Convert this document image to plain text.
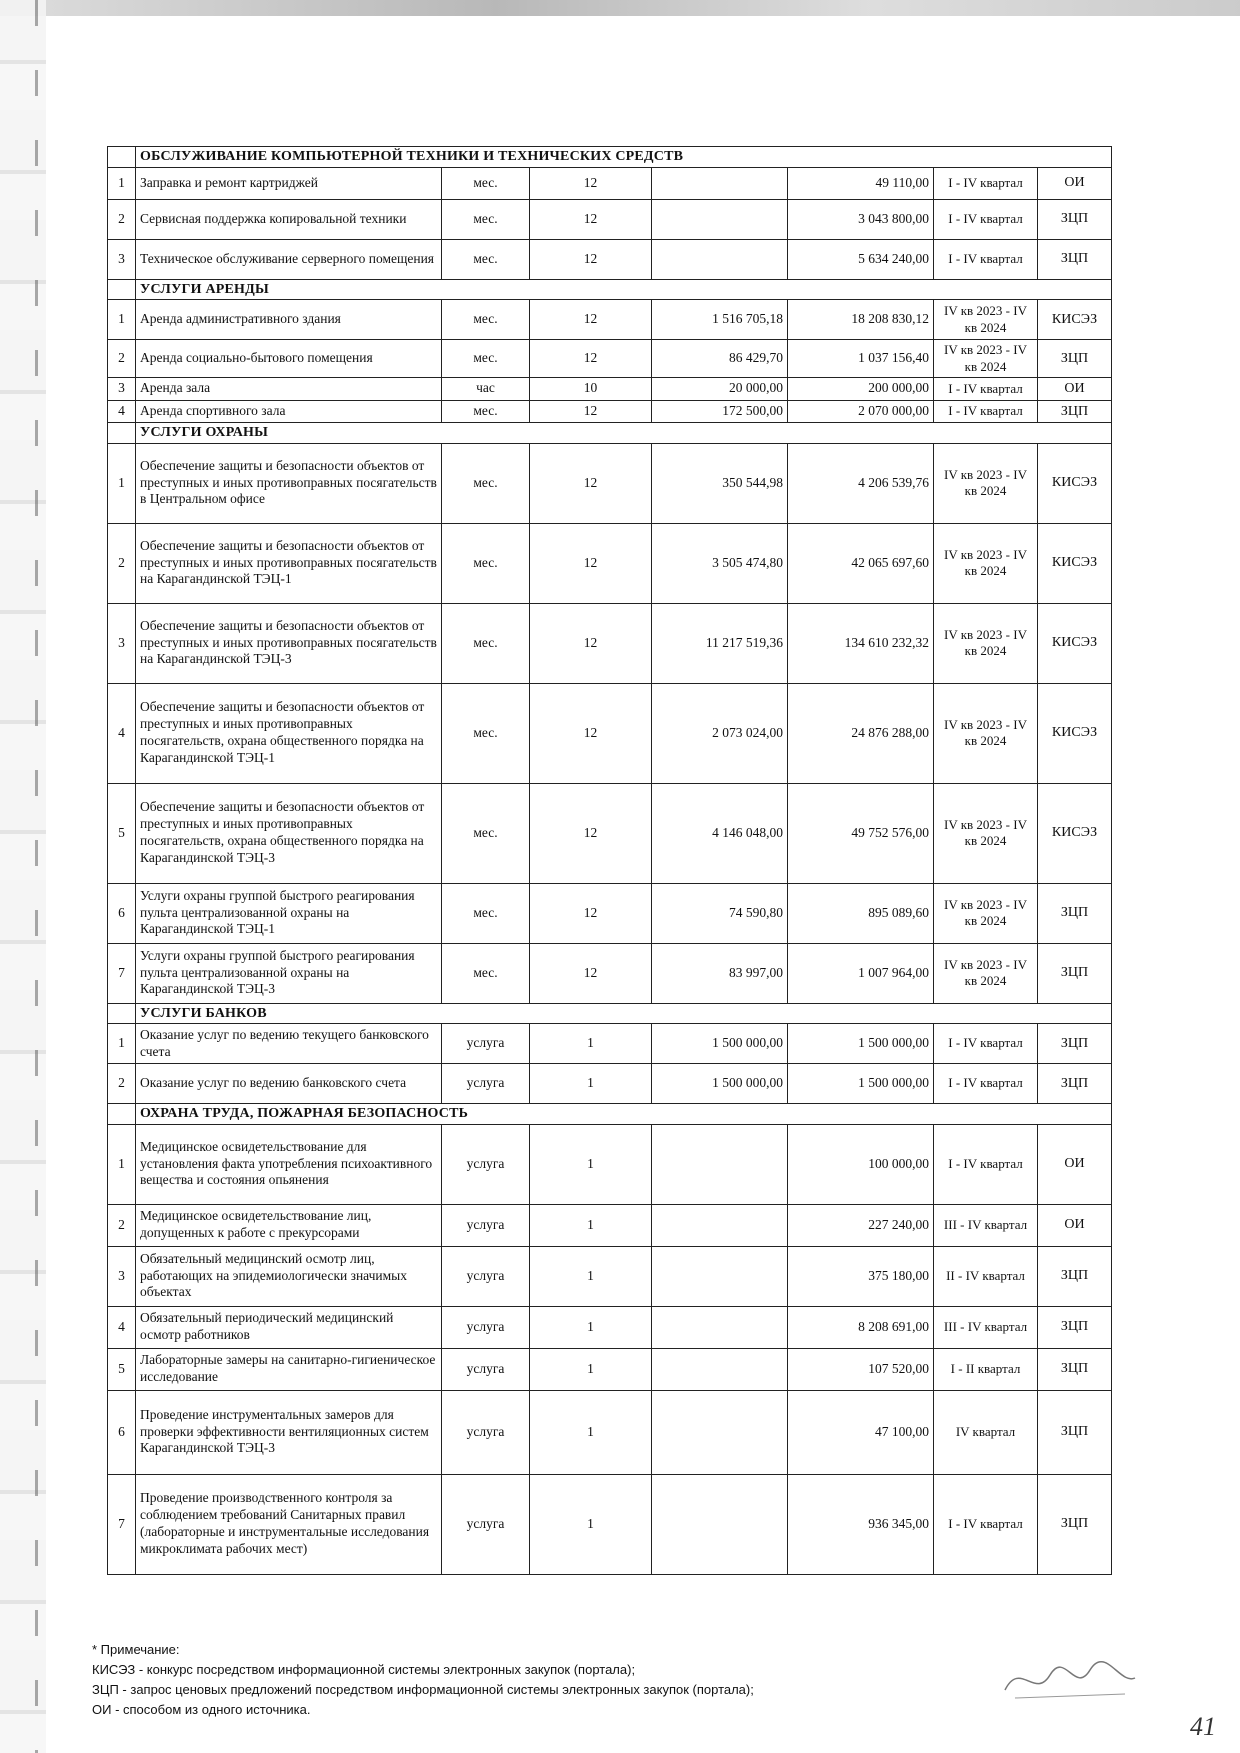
	ОБСЛУЖИВАНИЕ КОМПЬЮТЕРНОЙ ТЕХНИКИ И ТЕХНИЧЕСКИХ СРЕДСТВ						
1	Заправка и ремонт картриджей	мес.	12		49 110,00	I - IV квартал	ОИ
2	Сервисная поддержка копировальной техники	мес.	12		3 043 800,00	I - IV квартал	ЗЦП
3	Техническое обслуживание серверного помещения	мес.	12		5 634 240,00	I - IV квартал	ЗЦП
	УСЛУГИ АРЕНДЫ						
1	Аренда административного здания	мес.	12	1 516 705,18	18 208 830,12	IV кв 2023 - IV кв 2024	КИСЭЗ
2	Аренда социально-бытового помещения	мес.	12	86 429,70	1 037 156,40	IV кв 2023 - IV кв 2024	ЗЦП
3	Аренда зала	час	10	20 000,00	200 000,00	I - IV квартал	ОИ
4	Аренда спортивного зала	мес.	12	172 500,00	2 070 000,00	I - IV квартал	ЗЦП
	УСЛУГИ ОХРАНЫ						
1	Обеспечение защиты и безопасности объектов от преступных и иных противоправных посягательств в Центральном офисе	мес.	12	350 544,98	4 206 539,76	IV кв 2023 - IV кв 2024	КИСЭЗ
2	Обеспечение защиты и безопасности объектов от преступных и иных противоправных посягательств на Карагандинской ТЭЦ-1	мес.	12	3 505 474,80	42 065 697,60	IV кв 2023 - IV кв 2024	КИСЭЗ
3	Обеспечение защиты и безопасности объектов от преступных и иных противоправных посягательств на Карагандинской ТЭЦ-3	мес.	12	11 217 519,36	134 610 232,32	IV кв 2023 - IV кв 2024	КИСЭЗ
4	Обеспечение защиты и безопасности объектов от преступных и иных противоправных посягательств, охрана общественного порядка на Карагандинской ТЭЦ-1	мес.	12	2 073 024,00	24 876 288,00	IV кв 2023 - IV кв 2024	КИСЭЗ
5	Обеспечение защиты и безопасности объектов от преступных и иных противоправных посягательств, охрана общественного порядка на Карагандинской ТЭЦ-3	мес.	12	4 146 048,00	49 752 576,00	IV кв 2023 - IV кв 2024	КИСЭЗ
6	Услуги охраны группой быстрого реагирования пульта централизованной охраны на Карагандинской ТЭЦ-1	мес.	12	74 590,80	895 089,60	IV кв 2023 - IV кв 2024	ЗЦП
7	Услуги охраны группой быстрого реагирования пульта централизованной охраны на Карагандинской ТЭЦ-3	мес.	12	83 997,00	1 007 964,00	IV кв 2023 - IV кв 2024	ЗЦП
	УСЛУГИ БАНКОВ						
1	Оказание услуг по ведению текущего банковского счета	услуга	1	1 500 000,00	1 500 000,00	I - IV квартал	ЗЦП
2	Оказание услуг по ведению банковского счета	услуга	1	1 500 000,00	1 500 000,00	I - IV квартал	ЗЦП
	ОХРАНА ТРУДА, ПОЖАРНАЯ БЕЗОПАСНОСТЬ						
1	Медицинское освидетельствование для установления факта употребления психоактивного вещества и состояния опьянения	услуга	1		100 000,00	I - IV квартал	ОИ
2	Медицинское освидетельствование лиц, допущенных к работе с прекурсорами	услуга	1		227 240,00	III - IV квартал	ОИ
3	Обязательный медицинский осмотр лиц, работающих на эпидемиологически значимых объектах	услуга	1		375 180,00	II - IV квартал	ЗЦП
4	Обязательный периодический медицинский осмотр работников	услуга	1		8 208 691,00	III - IV квартал	ЗЦП
5	Лабораторные замеры на санитарно-гигиеническое исследование	услуга	1		107 520,00	I - II квартал	ЗЦП
6	Проведение инструментальных замеров для проверки эффективности вентиляционных систем Карагандинской ТЭЦ-3	услуга	1		47 100,00	IV квартал	ЗЦП
7	Проведение производственного контроля за соблюдением требований Санитарных правил (лабораторные и инструментальные исследования микроклимата рабочих мест)	услуга	1		936 345,00	I - IV квартал	ЗЦП
* Примечание:
КИСЭЗ - конкурс посредством информационной системы электронных закупок (портала);
ЗЦП - запрос ценовых предложений посредством информационной системы электронных закупок (портала);
ОИ - способом из одного источника.
41
